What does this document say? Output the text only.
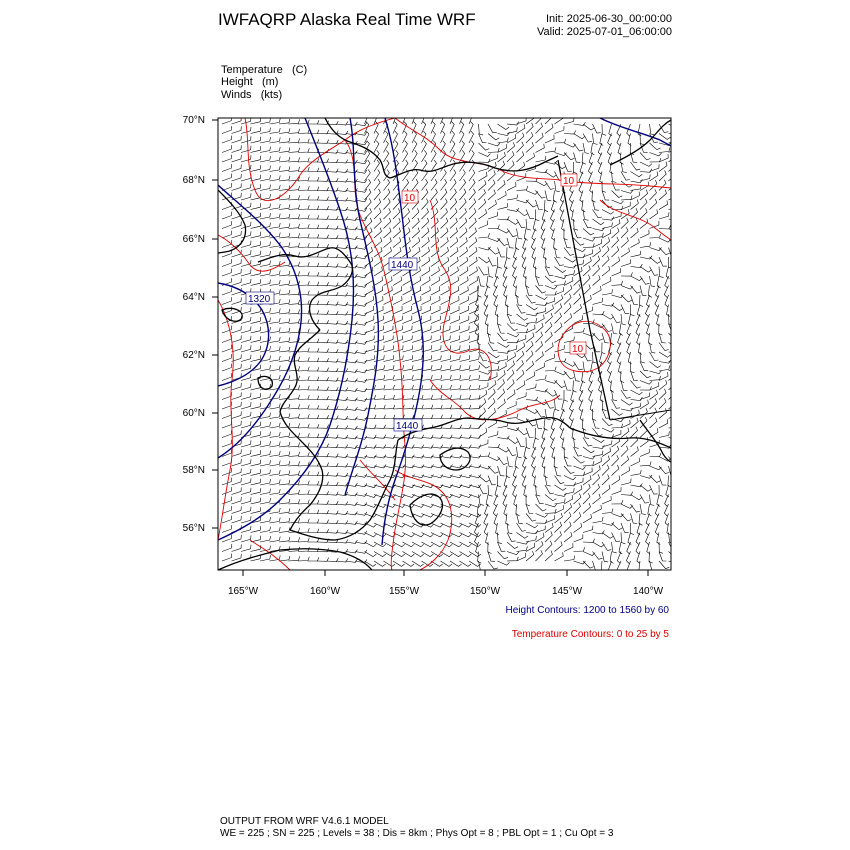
IWFAQRP Alaska Real Time WRF	Init: 2025-06-30_00:00:00
Valid: 2025-07-01_06:00:00
Temperature (C)
Height (m)
Winds (kts)
70°N
68°N
66°N
64°N
62°N
60°N
58°N
56°N
165°W	160°W	155°W	150°W	145°W	140°W
1320
1440
1440
10
10
10
Height Contours: 1200 to 1560 by 60
Temperature Contours: 0 to 25 by 5
OUTPUT FROM WRF V4.6.1 MODEL
WE = 225 ; SN = 225 ; Levels = 38 ; Dis = 8km ; Phys Opt = 8 ; PBL Opt = 1 ; Cu Opt = 3
